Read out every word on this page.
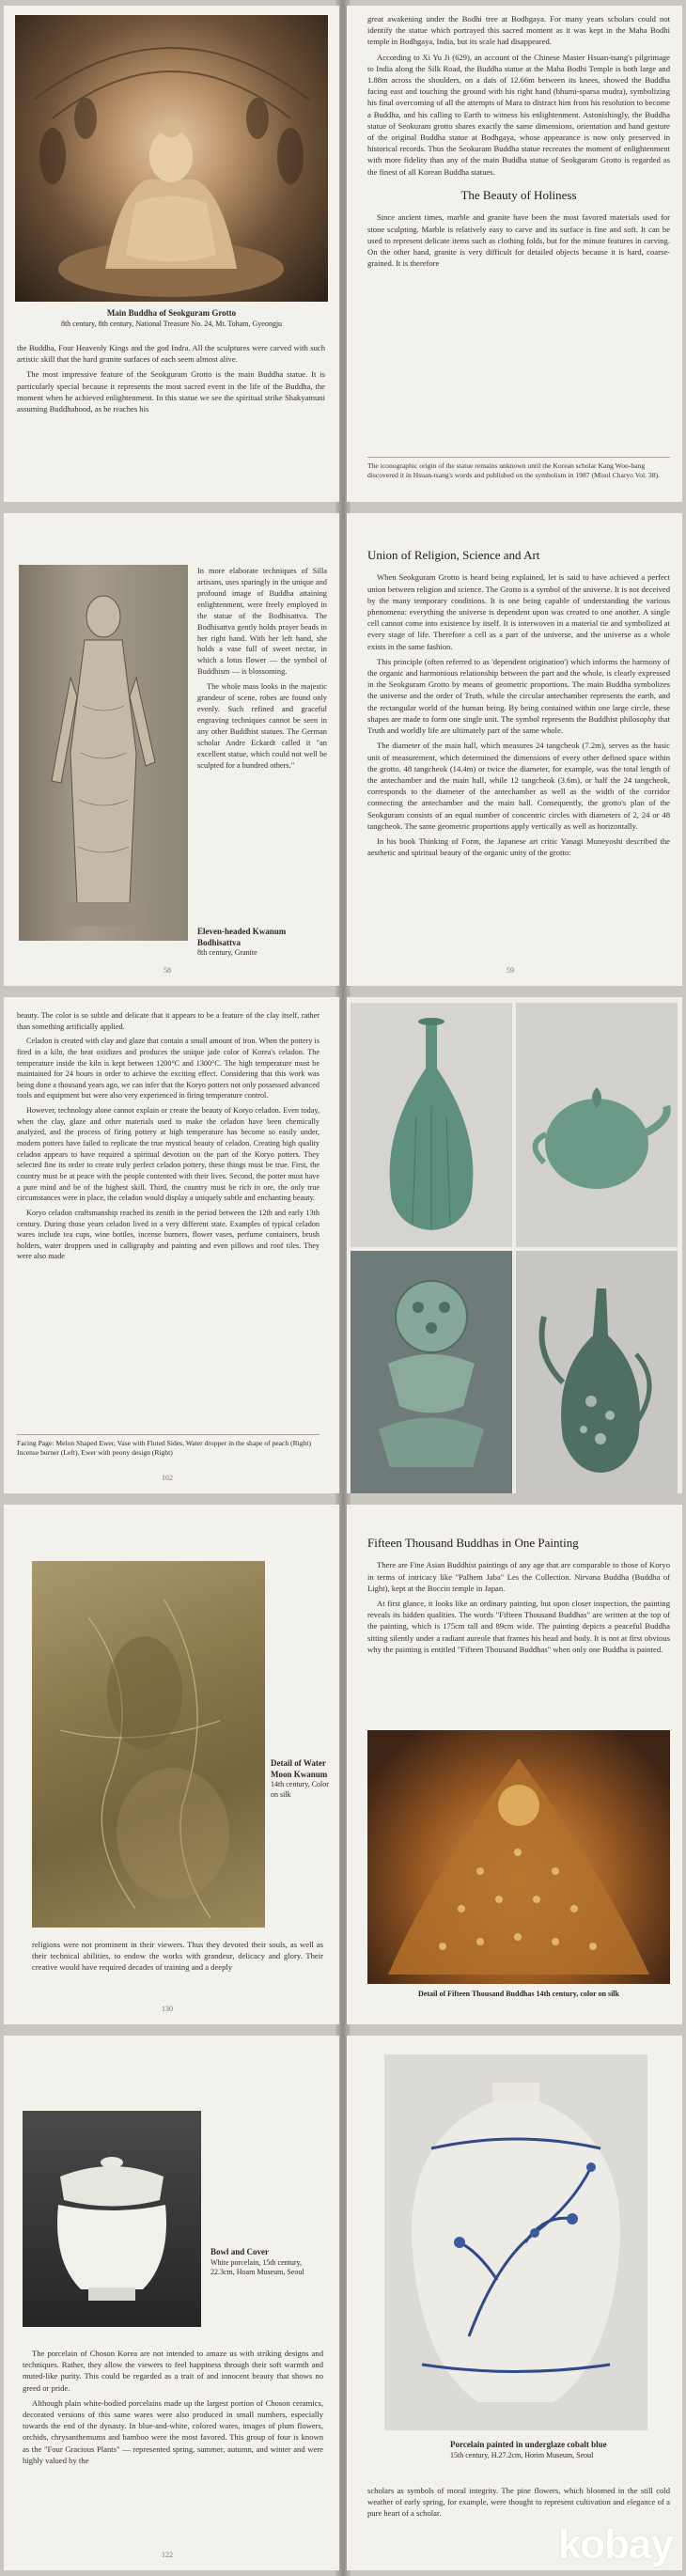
Main Buddha of Seokguram Grotto
8th century, 8th century, National Treasure No. 24, Mt. Toham, Gyeongju

the Buddha, Four Heavenly Kings and the god Indra. All the sculptures were carved with such artistic skill that the hard granite surfaces of each seem almost alive.

The most impressive feature of the Seokguram Grotto is the main Buddha statue. It is particularly special because it represents the most sacred event in the life of the Buddha, the moment when he achieved enlightenment. In this statue we see the spiritual strike Shakyamuni assuming Buddhahood, as he reaches his

great awakening under the Bodhi tree at Bodhgaya. For many years scholars could not identify the statue which portrayed this sacred moment as it was kept in the Maha Bodhi temple in Bodhgaya, India, but its scale had disappeared.

According to Xi Yu Ji (629), an account of the Chinese Master Hsuan-tsang's pilgrimage to India along the Silk Road, the Buddha statue at the Maha Bodhi Temple is both large and 1.88m across the shoulders, on a dais of 12.66m between its knees, showed the Buddha facing east and touching the ground with his right hand (bhumi-sparsa mudra), symbolizing his final overcoming of all the attempts of Mara to distract him from his resolution to become a Buddha, and his calling to Earth to witness his enlightenment. Astonishingly, the Buddha statue of Seokuram grotto shares exactly the same dimensions, orientation and hand gesture of the original Buddha statue at Bodhgaya, whose appearance is now only preserved in historical records. Thus the Seokuram Buddha statue recreates the moment of enlightenment with more fidelity than any of the main Buddha statue of Seokguram Grotto is regarded as the finest of all Korean Buddha statues.

The Beauty of Holiness

Since ancient times, marble and granite have been the most favored materials used for stone sculpting. Marble is relatively easy to carve and its surface is fine and soft. It can be used to represent delicate items such as clothing folds, but for the minute features in carving. On the other hand, granite is very difficult for detailed objects because it is hard, coarse-grained. It is therefore

The iconographic origin of the statue remains unknown until the Korean scholar Kang Woo-bang discovered it in Hsuan-tsang's words and published on the symbolism in 1987 (Misul Charyo Vol. 38).

In more elaborate techniques of Silla artisans, uses sparingly in the unique and profound image of Buddha attaining enlightenment, were freely employed in the statue of the Bodhisattva. The Bodhisattva gently holds prayer beads in her right hand. With her left hand, she holds a vase full of sweet nectar, in which a lotus flower — the symbol of Buddhism — is blossoming.

The whole mass looks in the majestic grandeur of scene, robes are found only evenly. Such refined and graceful engraving techniques cannot be seen in any other Buddhist statues. The German scholar Andre Eckardt called it "an excellent statue, which could not well be sculpted for a hundred others."

Eleven-headed Kwanum Bodhisattva
8th century, Granite
58
Union of Religion, Science and Art

When Seokguram Grotto is heard being explained, let is said to have achieved a perfect union between religion and science. The Grotto is a symbol of the universe. It is not deceived by the many temporary conditions. It is one being capable of understanding the various phenomena: everything the universe is dependent upon was created to one another. A single cell cannot come into existence by itself. It is interwoven in a material tie and symbolized at every stage of life. Therefore a cell as a part of the universe, and the universe as a whole exists in the same fashion.

This principle (often referred to as 'dependent origination') which informs the harmony of the organic and harmonious relationship between the part and the whole, is clearly expressed in the Seokguram Grotto by means of geometric proportions. The main Buddha symbolizes the universe and the order of Truth, while the circular antechamber represents the earth, and the rectangular world of the human being. By being contained within one large circle, these shapes are made to form one single unit. The symbol represents the Buddhist philosophy that Truth and worldly life are ultimately part of the same whole.

The diameter of the main hall, which measures 24 tangcheok (7.2m), serves as the basic unit of measurement, which determined the dimensions of every other defined space within the grotto. 48 tangcheok (14.4m) or twice the diameter, for example, was the total length of the antechamber and the main hall, while 12 tangcheok (3.6m), or half the 24 tangcheok, corresponds to the diameter of the antechamber as well as the width of the corridor connecting the antechamber and the main hall. Consequently, the grotto's plan of the Seokguram consists of an equal number of concentric circles with diameters of 2, 24 or 48 tangcheok. The same geometric proportions apply vertically as well as horizontally.

In his book Thinking of Form, the Japanese art critic Yanagi Muneyoshi described the aesthetic and spiritual beauty of the organic unity of the grotto:

59

beauty. The color is so subtle and delicate that it appears to be a feature of the clay itself, rather than something artificially applied.

Celadon is created with clay and glaze that contain a small amount of iron. When the pottery is fired in a kiln, the heat oxidizes and produces the unique jade color of Korea's celadon. The temperature inside the kiln is kept between 1200°C and 1300°C. The high temperature must be maintained for 24 hours in order to achieve the exciting effect. Considering that this work was being done a thousand years ago, we can infer that the Koryo potters not only possessed advanced tools and equipment but were also very experienced in firing temperature control.

However, technology alone cannot explain or create the beauty of Koryo celadon. Even today, when the clay, glaze and other materials used to make the celadon have been chemically analyzed, and the process of firing pottery at high temperature has become so easily under, modern potters have failed to replicate the true mystical beauty of celadon. Creating high quality celadon appears to have required a spiritual devotion on the part of the Koryo potters. They selected fine its order to create truly perfect celadon pottery, these things must be true. First, the country must be at peace with the people contented with their lives. Second, the potter must have a pure mind and be of the highest skill. Third, the country must be rich in ore, the only true circumstances were in place, the celadon would display a uniquely subtle and enchanting beauty.

Koryo celadon craftsmanship reached its zenith in the period between the 12th and early 13th century. During those years celadon lived in a very different state. Examples of typical celadon wares include tea cups, wine bottles, incense burners, flower vases, perfume containers, brush holders, water droppers used in calligraphy and painting and even pillows and roof tiles. They were also made

Facing Page: Melon Shaped Ewer, Vase with Fluted Sides, Water dropper in the shape of peach (Right) Incense burner (Left), Ewer with peony design (Right)
102
Detail of Water Moon Kwanum
14th century, Color on silk

religions were not prominent in their viewers. Thus they devoted their souls, as well as their technical abilities, to endow the works with grandeur, delicacy and glory. Their creative would have required decades of training and a deeply

130
Fifteen Thousand Buddhas in One Painting

There are Fine Asian Buddhist paintings of any age that are comparable to those of Koryo in terms of intricacy like "Palhem Jaba" Les the Collection. Nirvana Buddha (Buddha of Light), kept at the Boccin temple in Japan.

At first glance, it looks like an ordinary painting, but upon closer inspection, the painting reveals its hidden qualities. The words "Fifteen Thousand Buddhas" are written at the top of the painting, which is 175cm tall and 89cm wide. The painting depicts a peaceful Buddha sitting silently under a radiant aureole that frames his head and body. It is not at first obvious why the painting is entitled "Fifteen Thousand Buddhas" when only one Buddha is painted.

Detail of Fifteen Thousand Buddhas 14th century, color on silk
Bowl and Cover
White porcelain, 15th century, 22.3cm, Hoam Museum, Seoul

The porcelain of Choson Korea are not intended to amaze us with striking designs and techniques. Rather, they allow the viewers to feel happiness through their soft warmth and muted-like purity. This could be regarded as a trait of and innocent beauty that shows no greed or pride.

Although plain white-bodied porcelains made up the largest portion of Choson ceramics, decorated versions of this same wares were also produced in small numbers, especially towards the end of the dynasty. In blue-and-white, colored wares, images of plum flowers, orchids, chrysanthemums and bamboo were the most favored. This group of four is known as the "Four Gracious Plants" — represented spring, summer, autumn, and winter and were highly valued by the

122
Porcelain painted in underglaze cobalt blue
15th century, H.27.2cm, Horim Museum, Seoul

scholars as symbols of moral integrity. The pine flowers, which bloomed in the still cold weather of early spring, for example, were thought to represent cultivation and elegance of a pure heart of a scholar.

kobay
